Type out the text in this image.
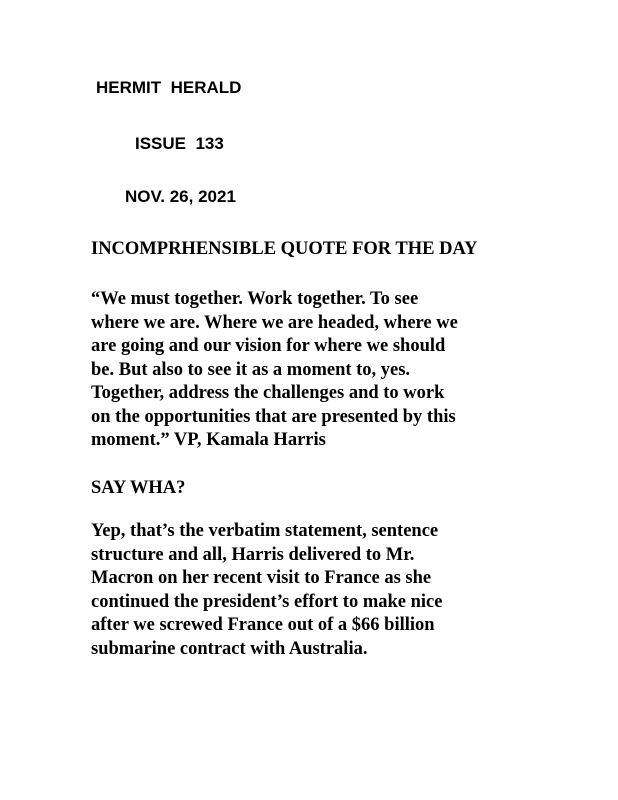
HERMIT  HERALD
ISSUE  133
NOV. 26, 2021
INCOMPRHENSIBLE QUOTE FOR THE DAY
“We must together. Work together. To see
where we are. Where we are headed, where we
are going and our vision for where we should
be. But also to see it as a moment to, yes.
Together, address the challenges and to work
on the opportunities that are presented by this
moment.” VP, Kamala Harris
SAY WHA?
Yep, that’s the verbatim statement, sentence
structure and all, Harris delivered to Mr.
Macron on her recent visit to France as she
continued the president’s effort to make nice
after we screwed France out of a $66 billion
submarine contract with Australia.
